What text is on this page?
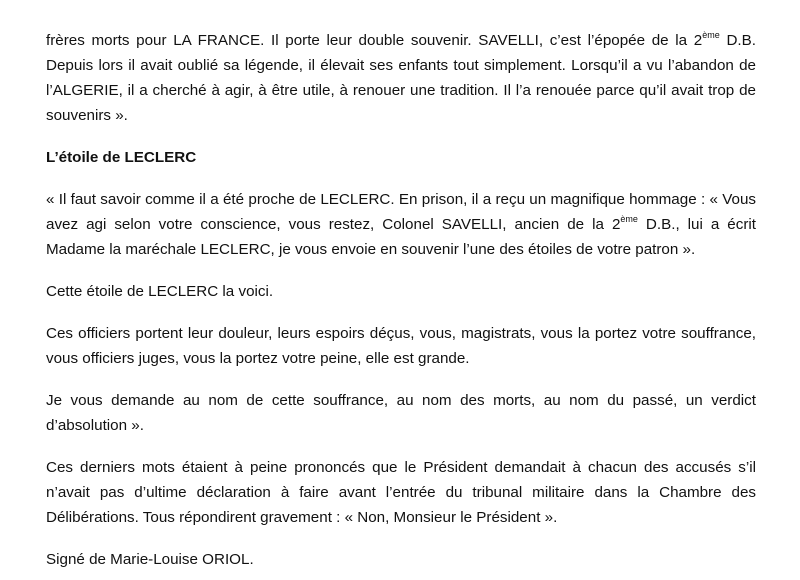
frères morts pour LA FRANCE. Il porte leur double souvenir. SAVELLI, c’est l’épopée de la 2ème D.B. Depuis lors il avait oublié sa légende, il élevait ses enfants tout simplement. Lorsqu’il a vu l’abandon de l’ALGERIE, il a cherché à agir, à être utile, à renouer une tradition. Il l’a renouée parce qu’il avait trop de souvenirs ».

L’étoile de LECLERC

« Il faut savoir comme il a été proche de LECLERC. En prison, il a reçu un magnifique hommage : « Vous avez agi selon votre conscience, vous restez, Colonel SAVELLI, ancien de la 2ème D.B., lui a écrit Madame la maréchale LECLERC, je vous envoie en souvenir l’une des étoiles de votre patron ».

Cette étoile de LECLERC la voici.

Ces officiers portent leur douleur, leurs espoirs déçus, vous, magistrats, vous la portez votre souffrance, vous officiers juges, vous la portez votre peine, elle est grande.

Je vous demande au nom de cette souffrance, au nom des morts, au nom du passé, un verdict d’absolution ».

Ces derniers mots étaient à peine prononcés que le Président demandait à chacun des accusés s’il n’avait pas d’ultime déclaration à faire avant l’entrée du tribunal militaire dans la Chambre des Délibérations. Tous répondirent gravement : « Non, Monsieur le Président ».

Signé de Marie-Louise ORIOL.
